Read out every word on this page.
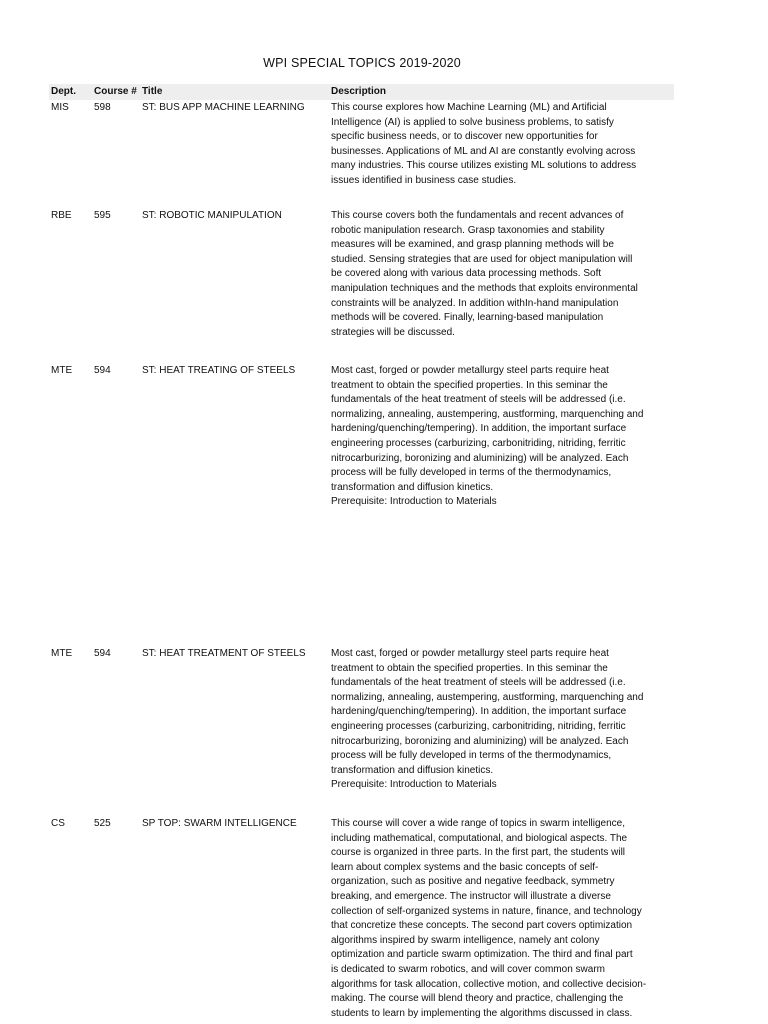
WPI SPECIAL TOPICS 2019-2020
Dept. Course # Title	Description
MIS	598	ST: BUS APP MACHINE LEARNING	This course explores how Machine Learning (ML) and Artificial
Intelligence (AI) is applied to solve business problems, to satisfy
specific business needs, or to discover new opportunities for
businesses. Applications of ML and AI are constantly evolving across
many industries. This course utilizes existing ML solutions to address
issues identified in business case studies.
RBE 595	ST: ROBOTIC MANIPULATION	This course covers both the fundamentals and recent advances of
robotic manipulation research. Grasp taxonomies and stability
measures will be examined, and grasp planning methods will be
studied. Sensing strategies that are used for object manipulation will
be covered along with various data processing methods. Soft
manipulation techniques and the methods that exploits environmental
constraints will be analyzed. In addition withIn-hand manipulation
methods will be covered. Finally, learning-based manipulation
strategies will be discussed.
MTE 594	ST: HEAT TREATING OF STEELS	Most cast, forged or powder metallurgy steel parts require heat
treatment to obtain the specified properties. In this seminar the
fundamentals of the heat treatment of steels will be addressed (i.e.
normalizing, annealing, austempering, austforming, marquenching and
hardening/quenching/tempering). In addition, the important surface
engineering processes (carburizing, carbonitriding, nitriding, ferritic
nitrocarburizing, boronizing and aluminizing) will be analyzed. Each
process will be fully developed in terms of the thermodynamics,
transformation and diffusion kinetics.
Prerequisite: Introduction to Materials
MTE 594	ST: HEAT TREATMENT OF STEELS	Most cast, forged or powder metallurgy steel parts require heat
treatment to obtain the specified properties. In this seminar the
fundamentals of the heat treatment of steels will be addressed (i.e.
normalizing, annealing, austempering, austforming, marquenching and
hardening/quenching/tempering). In addition, the important surface
engineering processes (carburizing, carbonitriding, nitriding, ferritic
nitrocarburizing, boronizing and aluminizing) will be analyzed. Each
process will be fully developed in terms of the thermodynamics,
transformation and diffusion kinetics.
Prerequisite: Introduction to Materials
CS	525	SP TOP: SWARM INTELLIGENCE	This course will cover a wide range of topics in swarm intelligence,
including mathematical, computational, and biological aspects. The
course is organized in three parts. In the first part, the students will
learn about complex systems and the basic concepts of self-
organization, such as positive and negative feedback, symmetry
breaking, and emergence. The instructor will illustrate a diverse
collection of self-organized systems in nature, finance, and technology
that concretize these concepts. The second part covers optimization
algorithms inspired by swarm intelligence, namely ant colony
optimization and particle swarm optimization. The third and final part
is dedicated to swarm robotics, and will cover common swarm
algorithms for task allocation, collective motion, and collective decision-
making. The course will blend theory and practice, challenging the
students to learn by implementing the algorithms discussed in class.
